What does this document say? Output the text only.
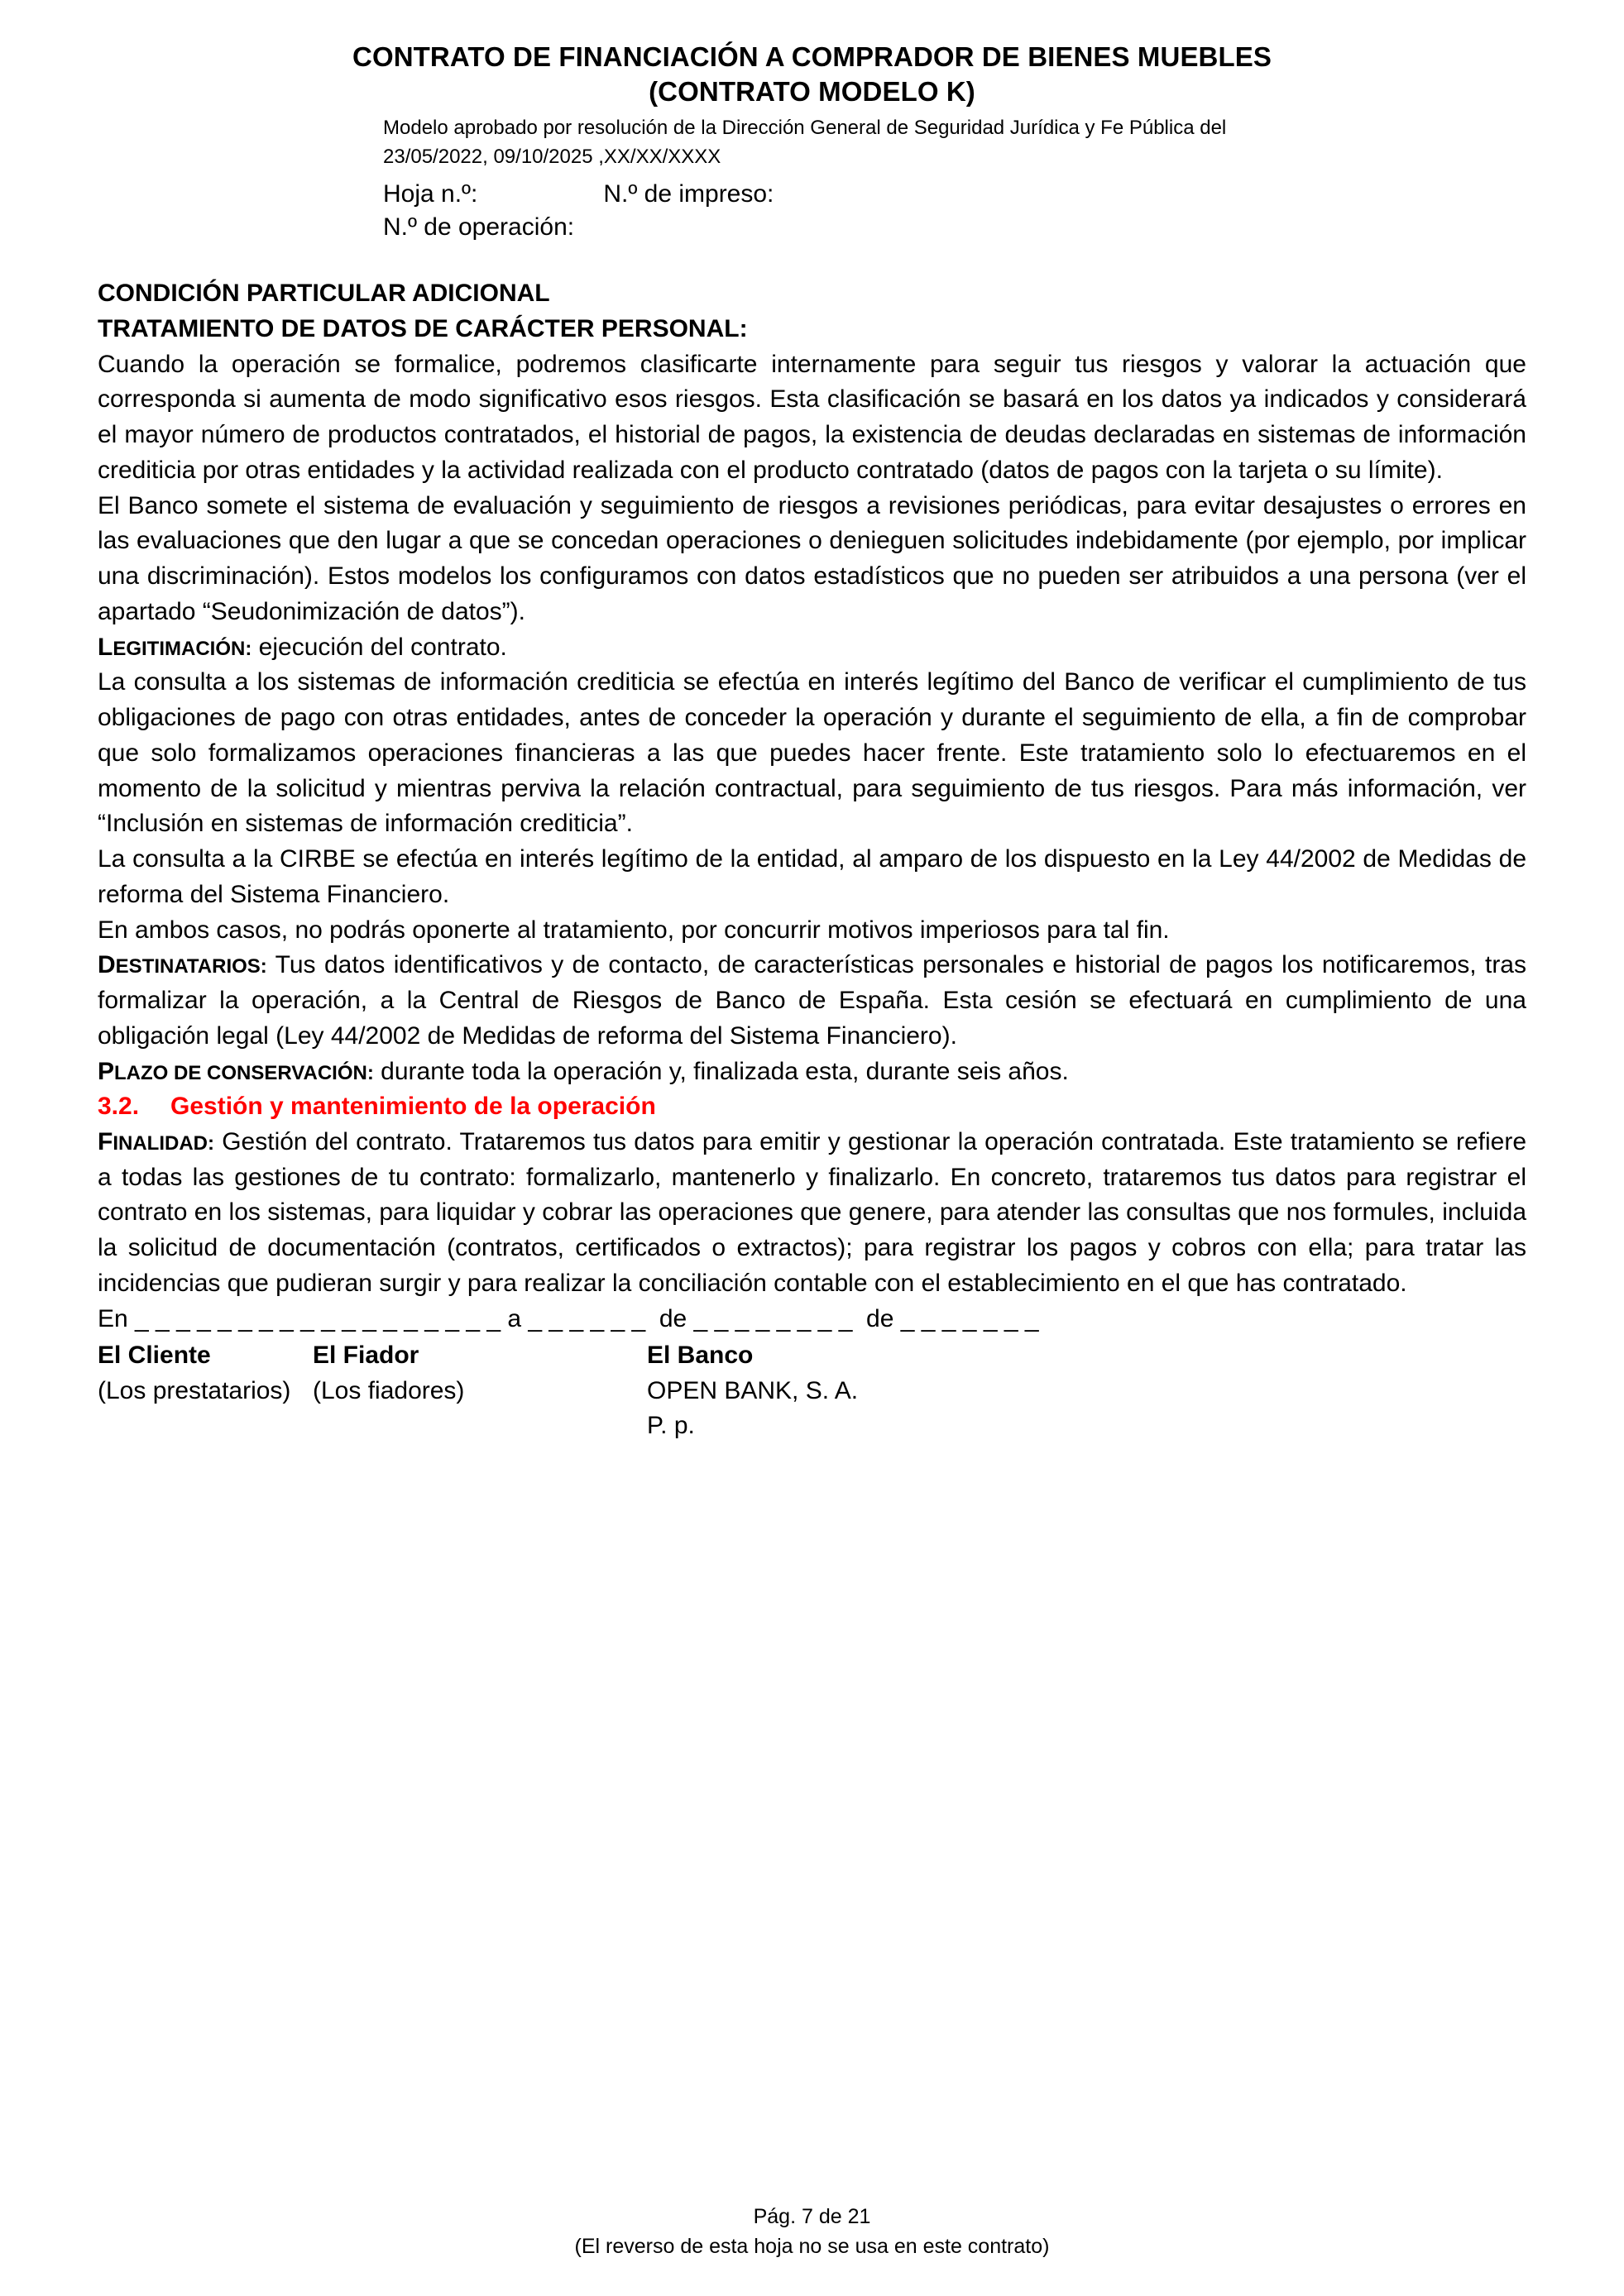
CONTRATO DE FINANCIACIÓN A COMPRADOR DE BIENES MUEBLES
(CONTRATO MODELO K)
Modelo aprobado por resolución de la Dirección General de Seguridad Jurídica y Fe Pública del
23/05/2022, 09/10/2025 ,XX/XX/XXXX
Hoja n.º:	N.º de impreso:
N.º de operación:
CONDICIÓN PARTICULAR ADICIONAL
TRATAMIENTO DE DATOS DE CARÁCTER PERSONAL:

Cuando la operación se formalice, podremos clasificarte internamente para seguir tus riesgos y valorar la actuación que corresponda si aumenta de modo significativo esos riesgos. Esta clasificación se basará en los datos ya indicados y considerará el mayor número de productos contratados, el historial de pagos, la existencia de deudas declaradas en sistemas de información crediticia por otras entidades y la actividad realizada con el producto contratado (datos de pagos con la tarjeta o su límite).

El Banco somete el sistema de evaluación y seguimiento de riesgos a revisiones periódicas, para evitar desajustes o errores en las evaluaciones que den lugar a que se concedan operaciones o denieguen solicitudes indebidamente (por ejemplo, por implicar una discriminación). Estos modelos los configuramos con datos estadísticos que no pueden ser atribuidos a una persona (ver el apartado “Seudonimización de datos”).

LEGITIMACIÓN: ejecución del contrato.

La consulta a los sistemas de información crediticia se efectúa en interés legítimo del Banco de verificar el cumplimiento de tus obligaciones de pago con otras entidades, antes de conceder la operación y durante el seguimiento de ella, a fin de comprobar que solo formalizamos operaciones financieras a las que puedes hacer frente. Este tratamiento solo lo efectuaremos en el momento de la solicitud y mientras perviva la relación contractual, para seguimiento de tus riesgos. Para más información, ver “Inclusión en sistemas de información crediticia”.

La consulta a la CIRBE se efectúa en interés legítimo de la entidad, al amparo de los dispuesto en la Ley 44/2002 de Medidas de reforma del Sistema Financiero.

En ambos casos, no podrás oponerte al tratamiento, por concurrir motivos imperiosos para tal fin.

DESTINATARIOS: Tus datos identificativos y de contacto, de características personales e historial de pagos los notificaremos, tras formalizar la operación, a la Central de Riesgos de Banco de España. Esta cesión se efectuará en cumplimiento de una obligación legal (Ley 44/2002 de Medidas de reforma del Sistema Financiero).

PLAZO DE CONSERVACIÓN: durante toda la operación y, finalizada esta, durante seis años.

3.2.	Gestión y mantenimiento de la operación

FINALIDAD: Gestión del contrato. Trataremos tus datos para emitir y gestionar la operación contratada. Este tratamiento se refiere a todas las gestiones de tu contrato: formalizarlo, mantenerlo y finalizarlo. En concreto, trataremos tus datos para registrar el contrato en los sistemas, para liquidar y cobrar las operaciones que genere, para atender las consultas que nos formules, incluida la solicitud de documentación (contratos, certificados o extractos); para registrar los pagos y cobros con ella; para tratar las incidencias que pudieran surgir y para realizar la conciliación contable con el establecimiento en el que has contratado.

En _ _ _ _ _ _ _ _ _ _ _ _ _ _ _ _ _ _ a _ _ _ _ _ _  de _ _ _ _ _ _ _ _  de _ _ _ _ _ _ _
El Cliente
(Los prestatarios)
El Fiador
(Los fiadores)
El Banco
OPEN BANK, S. A.
P. p.
Pág. 7 de 21
(El reverso de esta hoja no se usa en este contrato)
